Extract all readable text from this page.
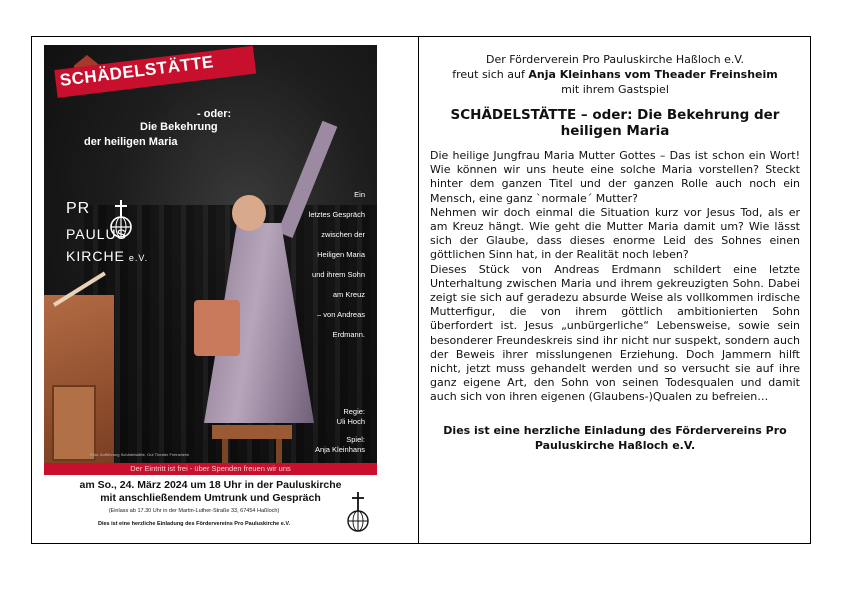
SCHÄDELSTÄTTE
- oder:
Die Bekehrung
der heiligen Maria
PR
PAULUS
KIRCHE e.V.
Ein
letztes Gespräch
zwischen der
Heiligen Maria
und ihrem Sohn
am Kreuz
– von Andreas
Erdmann.
Regie:
Uli Hoch
Spiel:
Anja Kleinhans
Foto: Aufführung Schädelstätte, Gut Theater Freinsheim
Der Eintritt ist frei - über Spenden freuen wir uns
am So., 24. März 2024 um 18 Uhr in der Pauluskirche
mit anschließendem Umtrunk und Gespräch
(Einlass ab 17.30 Uhr in der Martin-Luther-Straße 33, 67454 Haßloch)
Dies ist eine herzliche Einladung des Fördervereins Pro Pauluskirche e.V.
Der Förderverein Pro Pauluskirche Haßloch e.V.
freut sich auf Anja Kleinhans vom Theader Freinsheim
mit ihrem Gastspiel
SCHÄDELSTÄTTE – oder: Die Bekehrung der
heiligen Maria

Die heilige Jungfrau Maria Mutter Gottes – Das ist schon ein Wort! Wie können wir uns heute eine solche Maria vorstellen? Steckt hinter dem ganzen Titel und der ganzen Rolle auch noch ein Mensch, eine ganz `normale´ Mutter?

Nehmen wir doch einmal die Situation kurz vor Jesus Tod, als er am Kreuz hängt. Wie geht die Mutter Maria damit um? Wie lässt sich der Glaube, dass dieses enorme Leid des Sohnes einen göttlichen Sinn hat, in der Realität noch leben?

Dieses Stück von Andreas Erdmann schildert eine letzte Unterhaltung zwischen Maria und ihrem gekreuzigten Sohn. Dabei zeigt sie sich auf geradezu absurde Weise als vollkommen irdische Mutterfigur, die von ihrem göttlich ambitionierten Sohn überfordert ist. Jesus „unbürgerliche“ Lebensweise, sowie sein besonderer Freundeskreis sind ihr nicht nur suspekt, sondern auch der Beweis ihrer misslungenen Erziehung. Doch Jammern hilft nicht, jetzt muss gehandelt werden und so versucht sie auf ihre ganz eigene Art, den Sohn von seinen Todesqualen und damit auch sich von ihren eigenen (Glaubens-)Qualen zu befreien…

Dies ist eine herzliche Einladung des Fördervereins Pro
Pauluskirche Haßloch e.V.
